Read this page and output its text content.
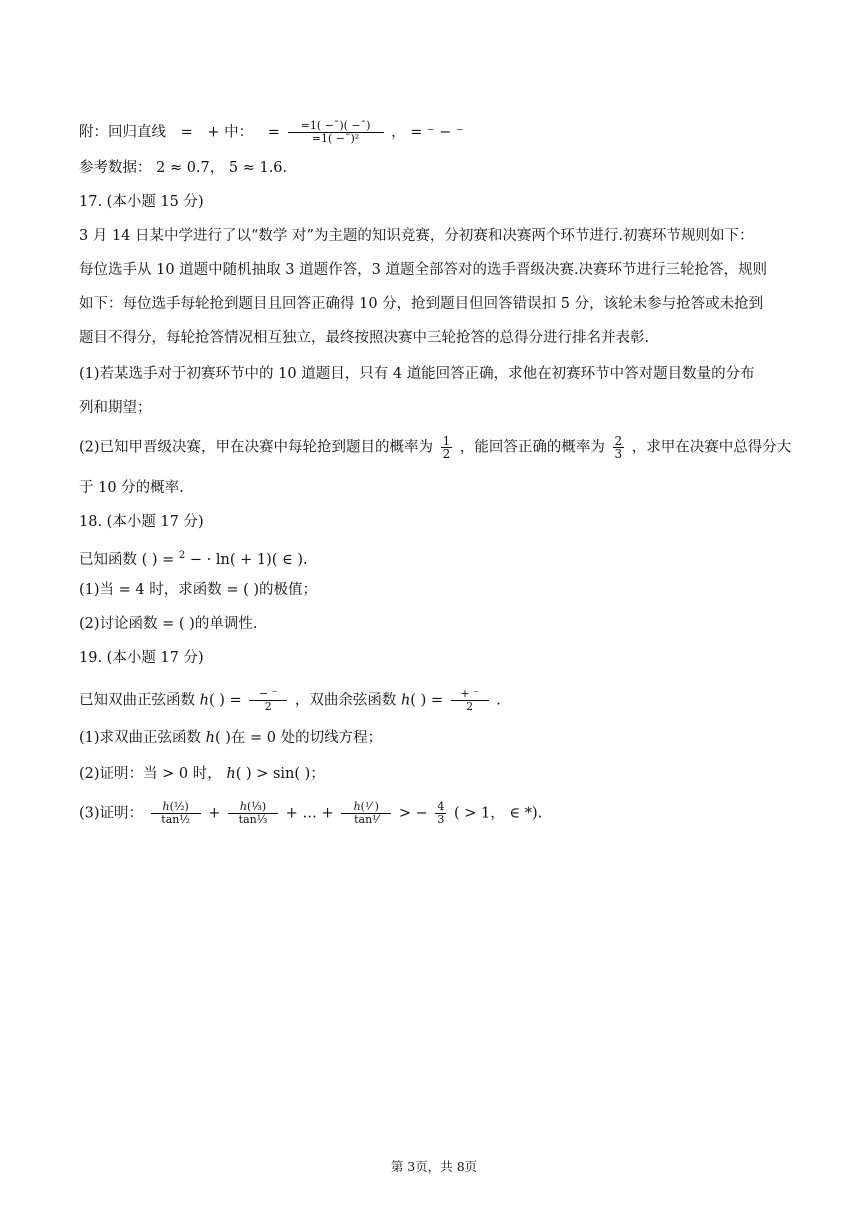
附：回归直线 = + 中： = $\frac{=1( -¯)( -¯)}{\text{=1( −¯)²}}$ ， = ⁻ − ⁻
参考数据： 2 ≈ 0.7， 5 ≈ 1.6．
17. (本小题 15 分)
3 月 14 日某中学进行了以“数学 对”为主题的知识竞赛，分初赛和决赛两个环节进行.初赛环节规则如下：
每位选手从 10 道题中随机抽取 3 道题作答，3 道题全部答对的选手晋级决赛.决赛环节进行三轮抢答，规则
如下：每位选手每轮抢到题目且回答正确得 10 分，抢到题目但回答错误扣 5 分，该轮未参与抢答或未抢到
题目不得分，每轮抢答情况相互独立，最终按照决赛中三轮抢答的总得分进行排名并表彰.
(1)若某选手对于初赛环节中的 10 道题目，只有 4 道能回答正确，求他在初赛环节中答对题目数量的分布
列和期望；
(2)已知甲晋级决赛，甲在决赛中每轮抢到题目的概率为 $\frac{1}{2}$ ，能回答正确的概率为 $\frac{2}{3}$ ，求甲在决赛中总得分大
于 10 分的概率.
18. (本小题 17 分)
已知函数 ( ) = $^2$ − · ln( + 1)( ∈ ).
(1)当 = 4 时，求函数 = ( )的极值；
(2)讨论函数 = ( )的单调性.
19. (本小题 17 分)
已知双曲正弦函数 ℎ( ) = $\frac{- ^-}{2}$ ，双曲余弦函数 ℎ( ) = $\frac{+ ^-}{2}$ .
(1)求双曲正弦函数 ℎ( )在 = 0 处的切线方程；
(2)证明：当 > 0 时， ℎ( ) > sin( )；
(3)证明： $\frac{\text{ℎ(½)}}{\text{tan½}} + \frac{\text{ℎ(⅓)}}{\text{tan⅓}}$ + … + $\frac{\text{ℎ(¹⁄ )}}{\text{tan¹⁄}}$ > − $\frac{4}{3}$ ( > 1， ∈ *).
第 3页，共 8页
